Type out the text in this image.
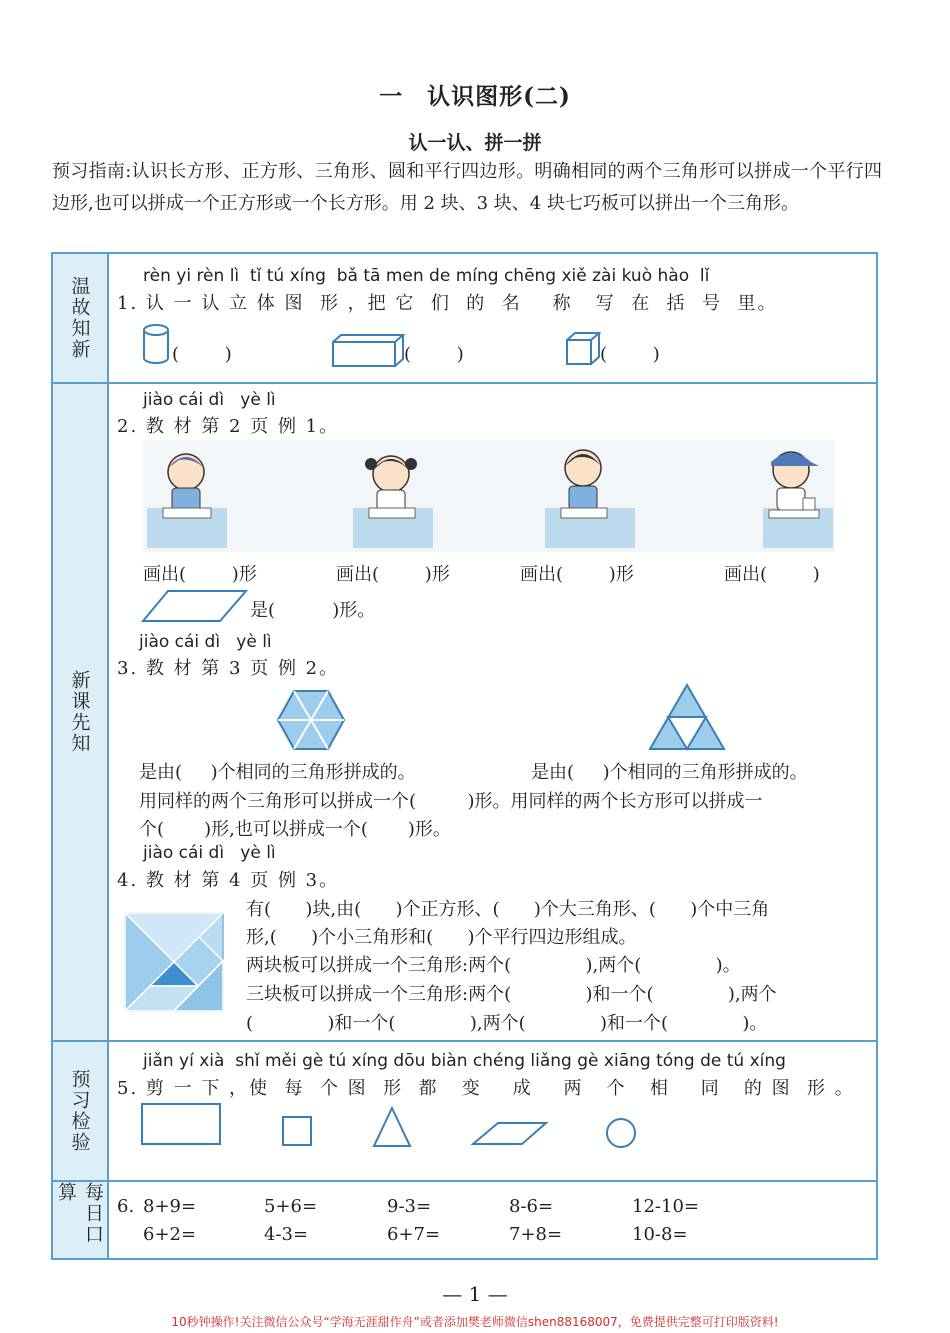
一　认识图形(二)
认一认、拼一拼
预习指南:认识长方形、正方形、三角形、圆和平行四边形。明确相同的两个三角形可以拼成一个平行四边形,也可以拼成一个正方形或一个长方形。用 2 块、3 块、4 块七巧板可以拼出一个三角形。
温故知新
新课先知
预习检验
每日口算
rèn yi rèn lì  tǐ tú xíng  bǎ tā men de míng chēng xiě zài kuò hào  lǐ
1. 认 一 认 立 体 图  形 ，把 它  们  的  名    称   写  在  括  号  里。
(        )	(        )	(        )
jiào cái dì   yè lì
2. 教 材 第 2 页 例 1。
画出(        )形	画出(        )形	画出(        )形	画出(        )
是(          )形。
jiào cái dì   yè lì
3. 教 材 第 3 页 例 2。
是由(     )个相同的三角形拼成的。	是由(     )个相同的三角形拼成的。
用同样的两个三角形可以拼成一个(         )形。用同样的两个长方形可以拼成一
个(       )形,也可以拼成一个(       )形。
jiào cái dì   yè lì
4. 教 材 第 4 页 例 3。
有(      )块,由(      )个正方形、(      )个大三角形、(      )个中三角
形,(      )个小三角形和(      )个平行四边形组成。
两块板可以拼成一个三角形:两个(             ),两个(             )。
三块板可以拼成一个三角形:两个(             )和一个(             ),两个
(             )和一个(             ),两个(             )和一个(             )。
jiǎn yí xià  shǐ měi gè tú xíng dōu biàn chéng liǎng gè xiāng tóng de tú xíng
5. 剪 一 下 ，使  每  个 图  形  都   变    成    两   个   相    同   的 图  形 。
6. 8+9=	5+6=	9-3=	8-6=	12-10=
6+2=	4-3=	6+7=	7+8=	10-8=
— 1 —
10秒钟操作!关注微信公众号“学海无涯甜作舟”或者添加樊老师微信shen88168007，免费提供完整可打印版资料!
